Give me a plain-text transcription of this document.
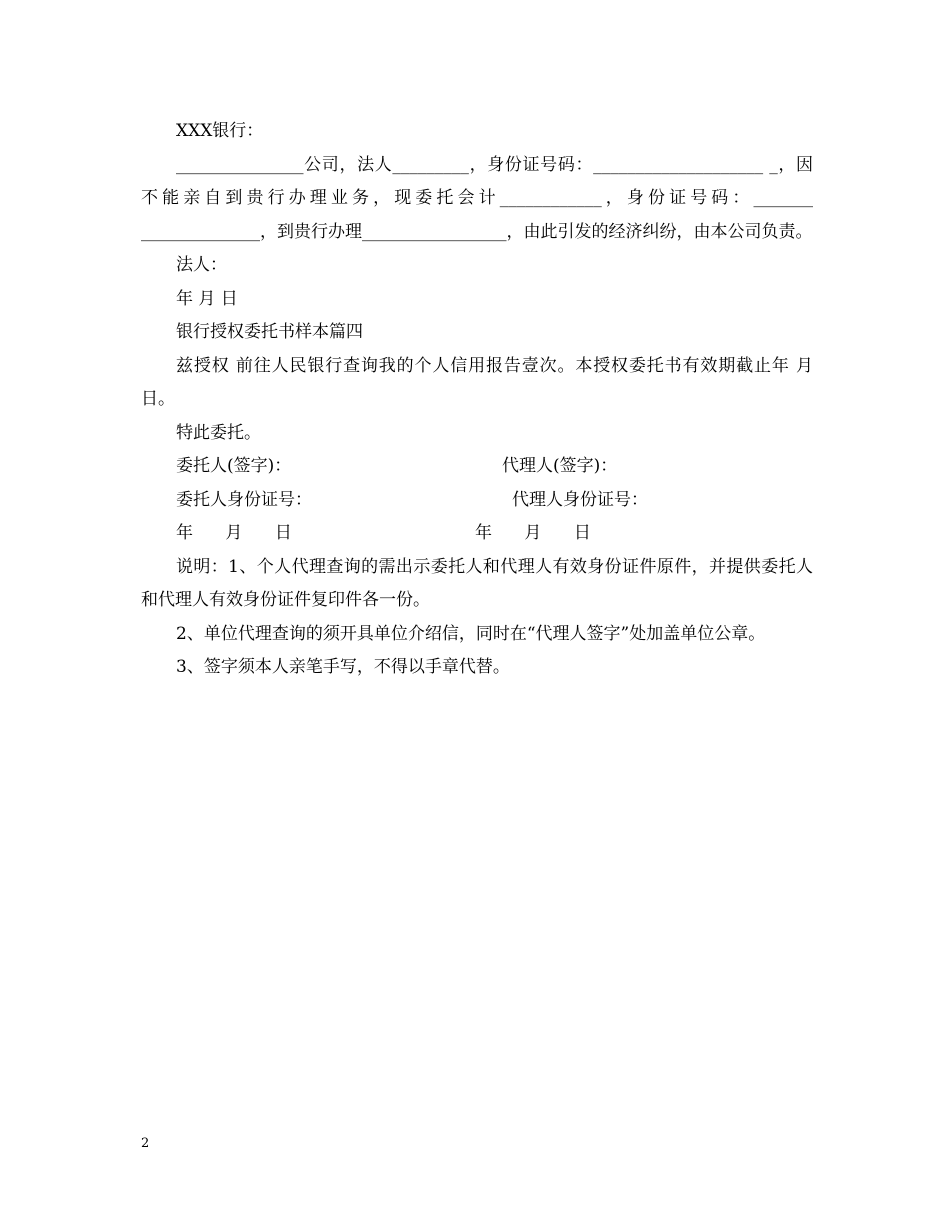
XXX银行：

_______________公司，法人_________，身份证号码：____________________ _，因不能亲自到贵行办理业务，现委托会计____________，身份证号码：_______ ______________，到贵行办理_________________，由此引发的经济纠纷，由本公司负责。

法人：

年 月 日

银行授权委托书样本篇四

兹授权 前往人民银行查询我的个人信用报告壹次。本授权委托书有效期截止年 月 日。

特此委托。

委托人(签字)：	代理人(签字)：
委托人身份证号：	代理人身份证号：
年      月      日	年      月      日

说明：1、个人代理查询的需出示委托人和代理人有效身份证件原件，并提供委托人和代理人有效身份证件复印件各一份。

2、单位代理查询的须开具单位介绍信，同时在“代理人签字”处加盖单位公章。

3、签字须本人亲笔手写，不得以手章代替。

2
